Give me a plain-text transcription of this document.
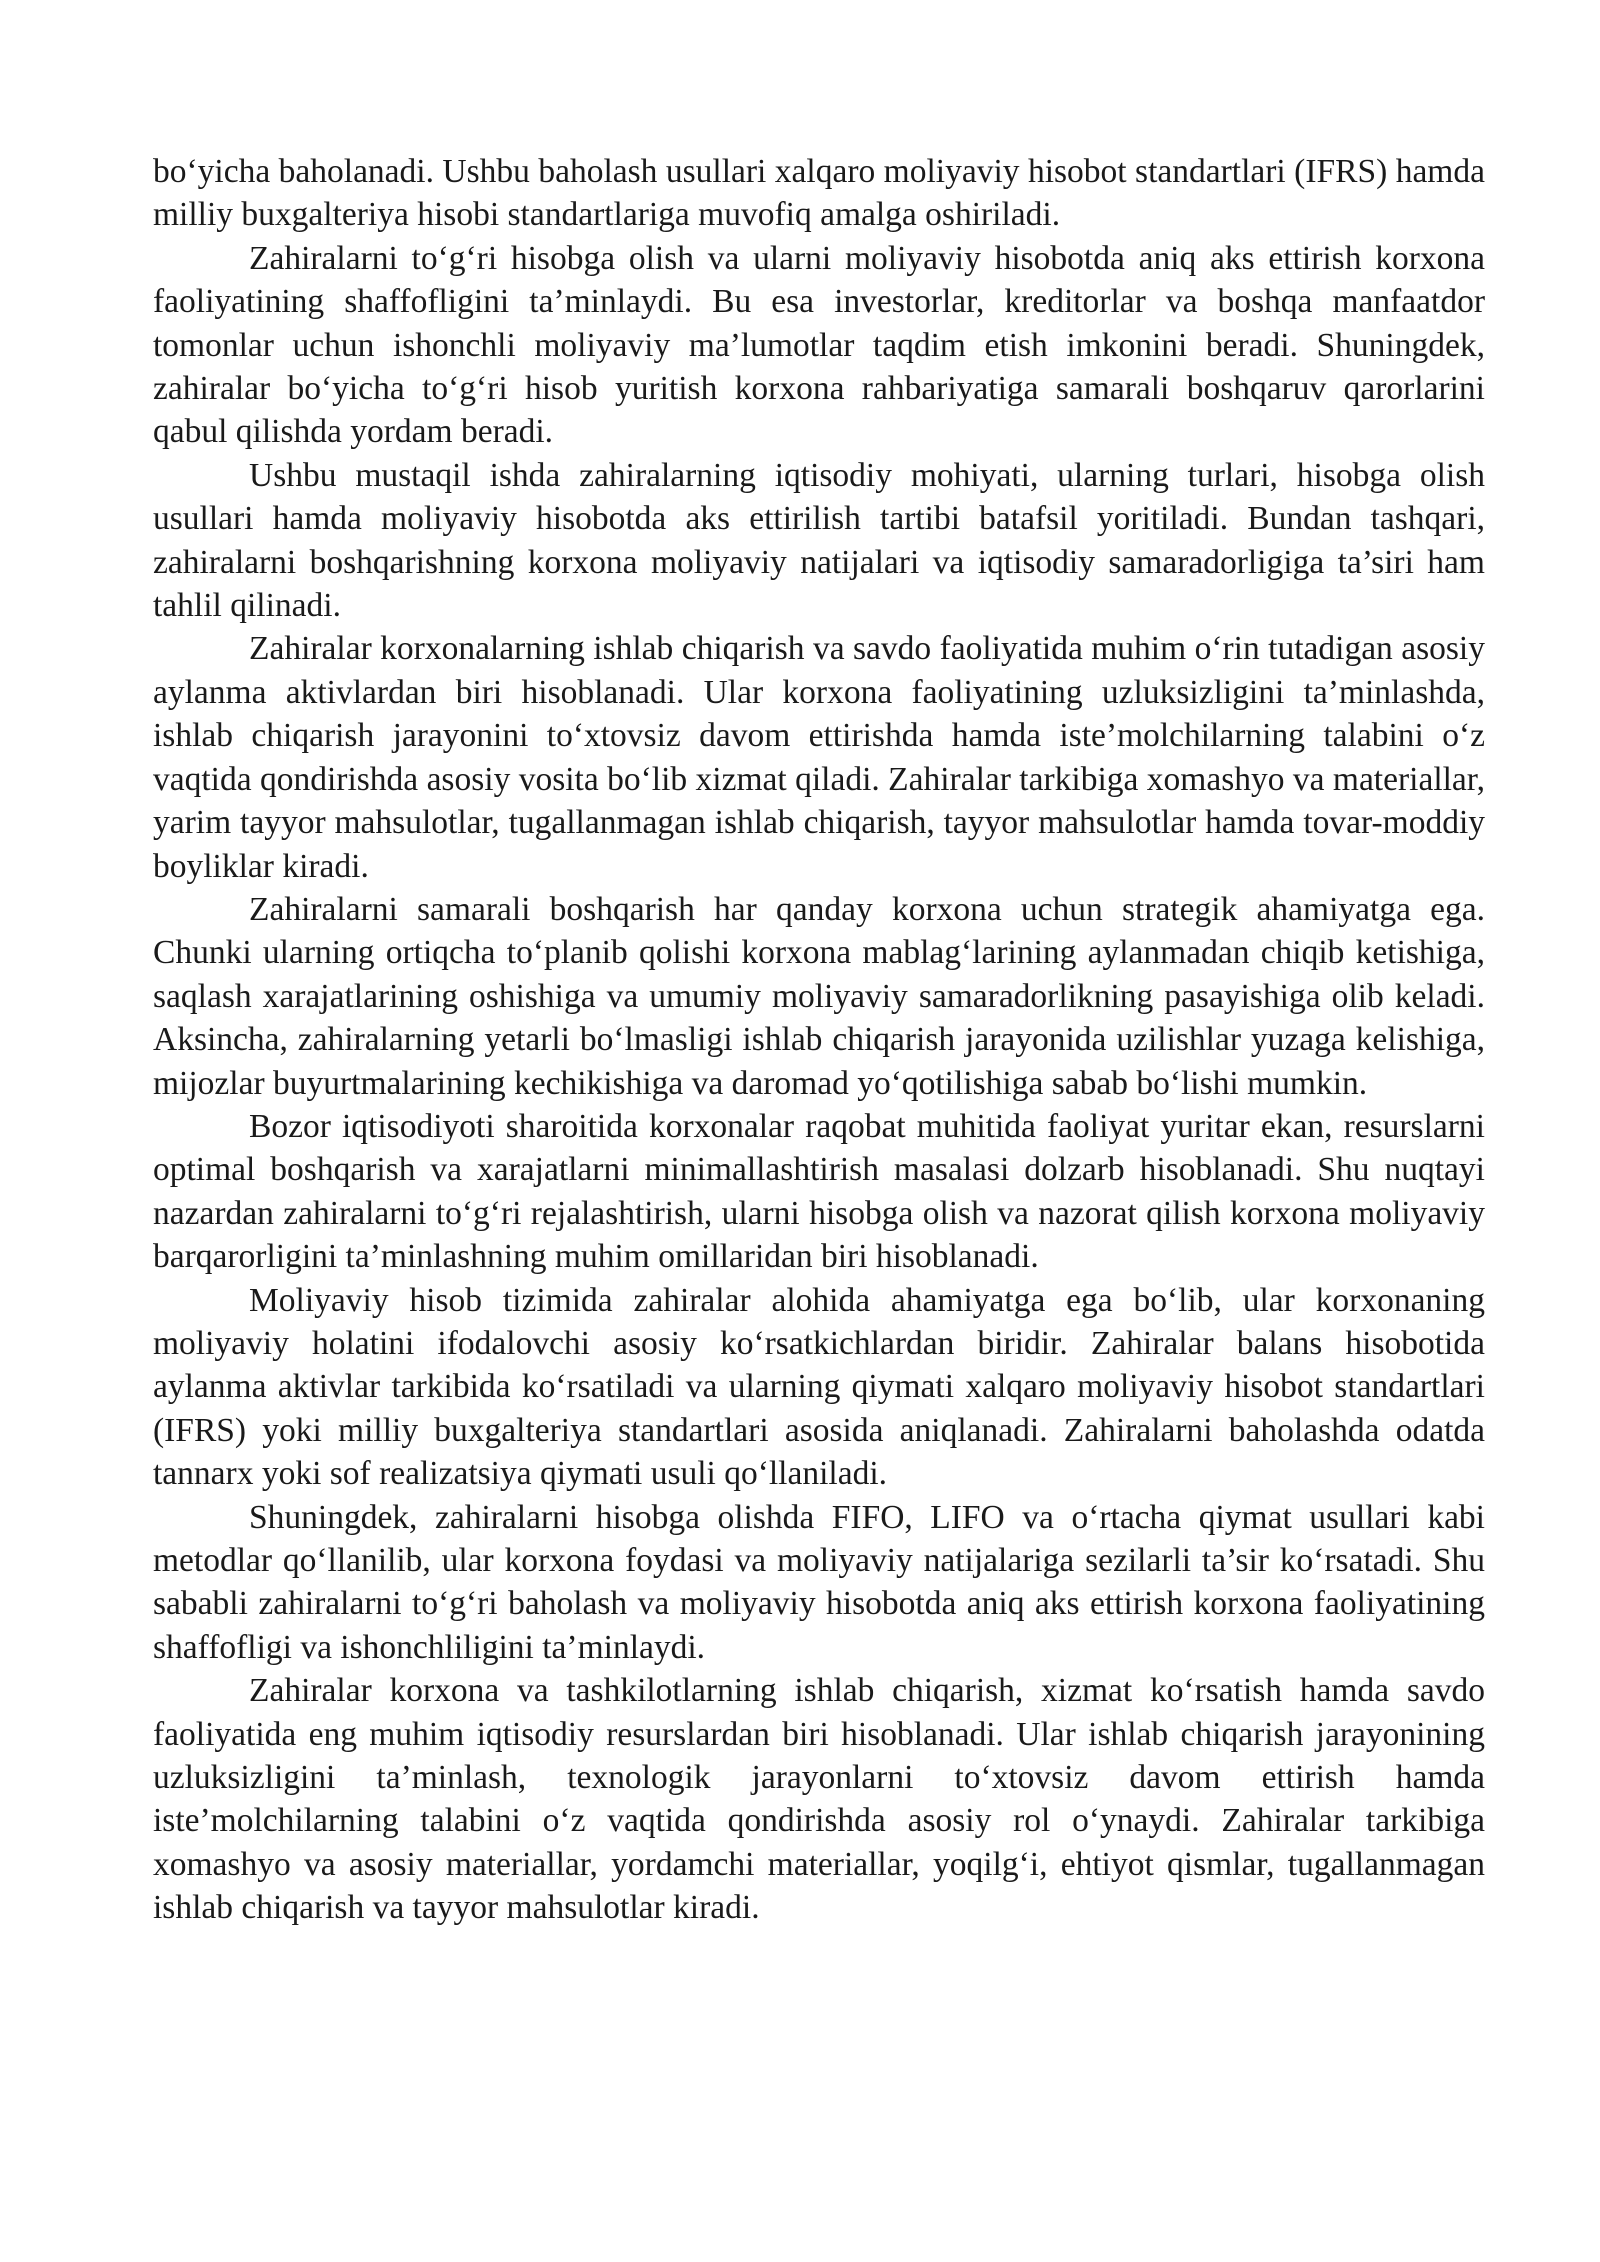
bo‘yicha baholanadi. Ushbu baholash usullari xalqaro moliyaviy hisobot standartlari (IFRS) hamda milliy buxgalteriya hisobi standartlariga muvofiq amalga oshiriladi.

Zahiralarni to‘g‘ri hisobga olish va ularni moliyaviy hisobotda aniq aks ettirish korxona faoliyatining shaffofligini ta’minlaydi. Bu esa investorlar, kreditorlar va boshqa manfaatdor tomonlar uchun ishonchli moliyaviy ma’lumotlar taqdim etish imkonini beradi. Shuningdek, zahiralar bo‘yicha to‘g‘ri hisob yuritish korxona rahbariyatiga samarali boshqaruv qarorlarini qabul qilishda yordam beradi.

Ushbu mustaqil ishda zahiralarning iqtisodiy mohiyati, ularning turlari, hisobga olish usullari hamda moliyaviy hisobotda aks ettirilish tartibi batafsil yoritiladi. Bundan tashqari, zahiralarni boshqarishning korxona moliyaviy natijalari va iqtisodiy samaradorligiga ta’siri ham tahlil qilinadi.

Zahiralar korxonalarning ishlab chiqarish va savdo faoliyatida muhim o‘rin tutadigan asosiy aylanma aktivlardan biri hisoblanadi. Ular korxona faoliyatining uzluksizligini ta’minlashda, ishlab chiqarish jarayonini to‘xtovsiz davom ettirishda hamda iste’molchilarning talabini o‘z vaqtida qondirishda asosiy vosita bo‘lib xizmat qiladi. Zahiralar tarkibiga xomashyo va materiallar, yarim tayyor mahsulotlar, tugallanmagan ishlab chiqarish, tayyor mahsulotlar hamda tovar-moddiy boyliklar kiradi.

Zahiralarni samarali boshqarish har qanday korxona uchun strategik ahamiyatga ega. Chunki ularning ortiqcha to‘planib qolishi korxona mablag‘larining aylanmadan chiqib ketishiga, saqlash xarajatlarining oshishiga va umumiy moliyaviy samaradorlikning pasayishiga olib keladi. Aksincha, zahiralarning yetarli bo‘lmasligi ishlab chiqarish jarayonida uzilishlar yuzaga kelishiga, mijozlar buyurtmalarining kechikishiga va daromad yo‘qotilishiga sabab bo‘lishi mumkin.

Bozor iqtisodiyoti sharoitida korxonalar raqobat muhitida faoliyat yuritar ekan, resurslarni optimal boshqarish va xarajatlarni minimallashtirish masalasi dolzarb hisoblanadi. Shu nuqtayi nazardan zahiralarni to‘g‘ri rejalashtirish, ularni hisobga olish va nazorat qilish korxona moliyaviy barqarorligini ta’minlashning muhim omillaridan biri hisoblanadi.

Moliyaviy hisob tizimida zahiralar alohida ahamiyatga ega bo‘lib, ular korxonaning moliyaviy holatini ifodalovchi asosiy ko‘rsatkichlardan biridir. Zahiralar balans hisobotida aylanma aktivlar tarkibida ko‘rsatiladi va ularning qiymati xalqaro moliyaviy hisobot standartlari (IFRS) yoki milliy buxgalteriya standartlari asosida aniqlanadi. Zahiralarni baholashda odatda tannarx yoki sof realizatsiya qiymati usuli qo‘llaniladi.

Shuningdek, zahiralarni hisobga olishda FIFO, LIFO va o‘rtacha qiymat usullari kabi metodlar qo‘llanilib, ular korxona foydasi va moliyaviy natijalariga sezilarli ta’sir ko‘rsatadi. Shu sababli zahiralarni to‘g‘ri baholash va moliyaviy hisobotda aniq aks ettirish korxona faoliyatining shaffofligi va ishonchliligini ta’minlaydi.

Zahiralar korxona va tashkilotlarning ishlab chiqarish, xizmat ko‘rsatish hamda savdo faoliyatida eng muhim iqtisodiy resurslardan biri hisoblanadi. Ular ishlab chiqarish jarayonining uzluksizligini ta’minlash, texnologik jarayonlarni to‘xtovsiz davom ettirish hamda iste’molchilarning talabini o‘z vaqtida qondirishda asosiy rol o‘ynaydi. Zahiralar tarkibiga xomashyo va asosiy materiallar, yordamchi materiallar, yoqilg‘i, ehtiyot qismlar, tugallanmagan ishlab chiqarish va tayyor mahsulotlar kiradi.
